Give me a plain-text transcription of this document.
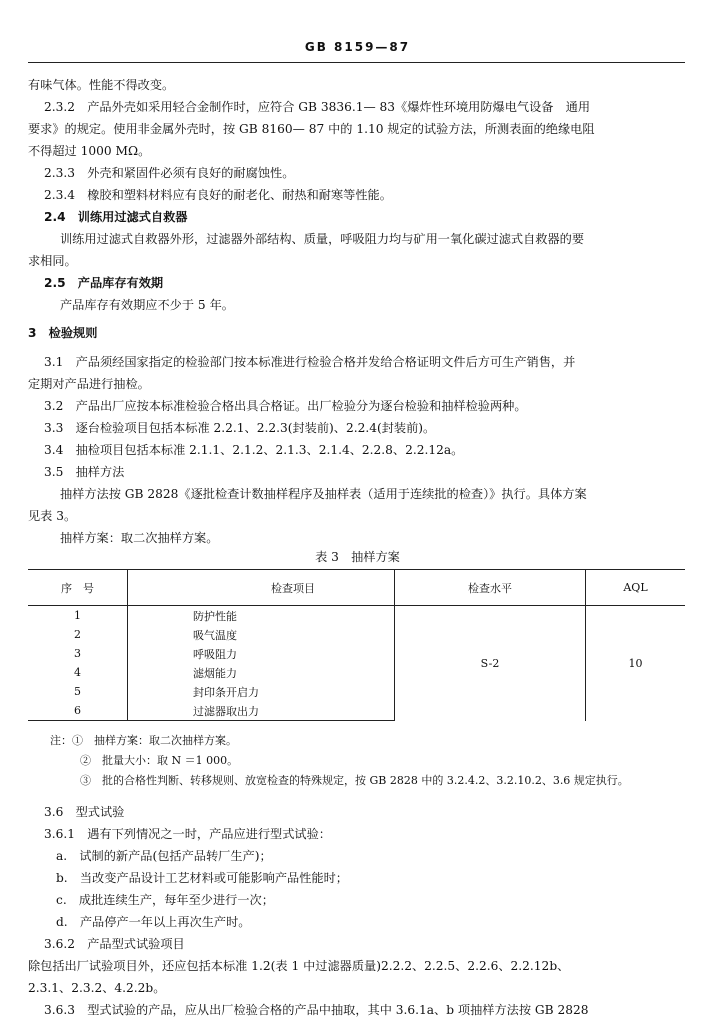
GB 8159—87
有味气体。性能不得改变。
2.3.2　产品外壳如采用轻合金制作时，应符合 GB 3836.1— 83《爆炸性环境用防爆电气设备　通用
要求》的规定。使用非金属外壳时，按 GB 8160— 87 中的 1.10 规定的试验方法，所测表面的绝缘电阻
不得超过 1000 MΩ。
2.3.3　外壳和紧固件必须有良好的耐腐蚀性。
2.3.4　橡胶和塑料材料应有良好的耐老化、耐热和耐寒等性能。
2.4　训练用过滤式自救器
训练用过滤式自救器外形，过滤器外部结构、质量，呼吸阻力均与矿用一氧化碳过滤式自救器的要
求相同。
2.5　产品库存有效期
产品库存有效期应不少于 5 年。
3　检验规则
3.1　产品须经国家指定的检验部门按本标准进行检验合格并发给合格证明文件后方可生产销售，并
定期对产品进行抽检。
3.2　产品出厂应按本标准检验合格出具合格证。出厂检验分为逐台检验和抽样检验两种。
3.3　逐台检验项目包括本标准 2.2.1、2.2.3(封装前)、2.2.4(封装前)。
3.4　抽检项目包括本标准 2.1.1、2.1.2、2.1.3、2.1.4、2.2.8、2.2.12a。
3.5　抽样方法
抽样方法按 GB 2828《逐批检查计数抽样程序及抽样表（适用于连续批的检查）》执行。具体方案
见表 3。
抽样方案：取二次抽样方案。
表 3　抽样方案
序　号	检查项目	检查水平	AQL
1	防护性能	S-2	10
2	吸气温度		
3	呼吸阻力		
4	滤烟能力		
5	封印条开启力		
6	过滤器取出力		
注：①　抽样方案：取二次抽样方案。
②　批量大小：取 N ＝1 000。
③　批的合格性判断、转移规则、放宽检查的特殊规定，按 GB 2828 中的 3.2.4.2、3.2.10.2、3.6 规定执行。
3.6　型式试验
3.6.1　遇有下列情况之一时，产品应进行型式试验：
a.　试制的新产品(包括产品转厂生产)；
b.　当改变产品设计工艺材料或可能影响产品性能时；
c.　成批连续生产，每年至少进行一次；
d.　产品停产一年以上再次生产时。
3.6.2　产品型式试验项目
除包括出厂试验项目外，还应包括本标准 1.2(表 1 中过滤器质量)2.2.2、2.2.5、2.2.6、2.2.12b、
2.3.1、2.3.2、4.2.2b。
3.6.3　型式试验的产品，应从出厂检验合格的产品中抽取，其中 3.6.1a、b 项抽样方法按 GB 2828
